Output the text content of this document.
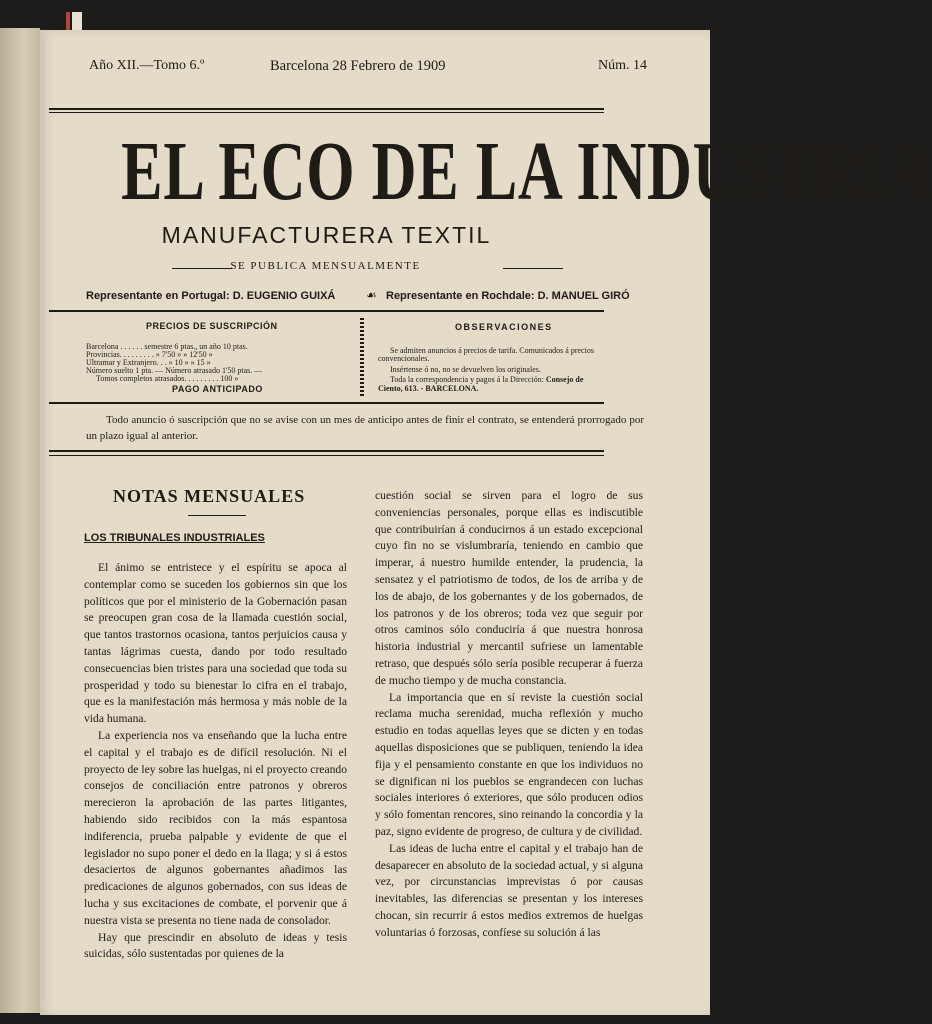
Año XII.—Tomo 6.º	Barcelona 28 Febrero de 1909	Núm. 14
EL ECO DE LA INDUSTRIA
MANUFACTURERA TEXTIL
SE PUBLICA MENSUALMENTE
Representante en Portugal: D. EUGENIO GUIXÁ	☙ Representante en Rochdale: D. MANUEL GIRÓ
PRECIOS DE SUSCRIPCIÓN
Barcelona . . . . . . semestre 6 ptas., un año 10 ptas.
Provincias. . . . . . . . . » 7'50 » » 12'50 »
Ultramar y Extranjero. . . » 10 » » 15 »
Número suelto 1 pta. — Número atrasado 1'50 ptas. —
Tomos completos atrasados. . . . . . . . . 100 »
PAGO ANTICIPADO
OBSERVACIONES
Se admiten anuncios á precios de tarifa. Comunicados á precios
convencionales.
Insértense ó no, no se devuelven los originales.
Toda la correspondencia y pagos á la Dirección: Consejo de
Ciento, 613. - BARCELONA.
Todo anuncio ó suscripción que no se avise con un mes de anticipo antes de finir el contrato, se entenderá prorrogado por un plazo igual al anterior.
NOTAS MENSUALES
LOS TRIBUNALES INDUSTRIALES

El ánimo se entristece y el espíritu se apoca al contemplar como se suceden los gobiernos sin que los políticos que por el ministerio de la Gobernación pasan se preocupen gran cosa de la llamada cuestión social, que tantos trastornos ocasiona, tantos perjuicios causa y tantas lágrimas cuesta, dando por todo resultado consecuencias bien tristes para una sociedad que toda su prosperidad y todo su bienestar lo cifra en el trabajo, que es la manifestación más hermosa y más noble de la vida humana.

La experiencia nos va enseñando que la lucha entre el capital y el trabajo es de difícil resolución. Ni el proyecto de ley sobre las huelgas, ni el proyecto creando consejos de conciliación entre patronos y obreros merecieron la aprobación de las partes litigantes, habiendo sido recibidos con la más espantosa indiferencia, prueba palpable y evidente de que el legislador no supo poner el dedo en la llaga; y si á estos desaciertos de algunos gobernantes añadimos las predicaciones de algunos gobernados, con sus ideas de lucha y sus excitaciones de combate, el porvenir que á nuestra vista se presenta no tiene nada de consolador.

Hay que prescindir en absoluto de ideas y tesis suicidas, sólo sustentadas por quienes de la

cuestión social se sirven para el logro de sus conveniencias personales, porque ellas es indiscutible que contribuirían á conducirnos á un estado excepcional cuyo fin no se vislumbraría, teniendo en cambio que imperar, á nuestro humilde entender, la prudencia, la sensatez y el patriotismo de todos, de los de arriba y de los de abajo, de los gobernantes y de los gobernados, de los patronos y de los obreros; toda vez que seguir por otros caminos sólo conduciría á que nuestra honrosa historia industrial y mercantil sufriese un lamentable retraso, que después sólo sería posible recuperar á fuerza de mucho tiempo y de mucha constancia.

La importancia que en sí reviste la cuestión social reclama mucha serenidad, mucha reflexión y mucho estudio en todas aquellas leyes que se dicten y en todas aquellas disposiciones que se publiquen, teniendo la idea fija y el pensamiento constante en que los individuos no se dignifican ni los pueblos se engrandecen con luchas sociales interiores ó exteriores, que sólo producen odios y sólo fomentan rencores, sino reinando la concordia y la paz, signo evidente de progreso, de cultura y de civilidad.

Las ideas de lucha entre el capital y el trabajo han de desaparecer en absoluto de la sociedad actual, y si alguna vez, por circunstancias imprevistas ó por causas inevitables, las diferencias se presentan y los intereses chocan, sin recurrir á estos medios extremos de huelgas voluntarias ó forzosas, confíese su solución á las
